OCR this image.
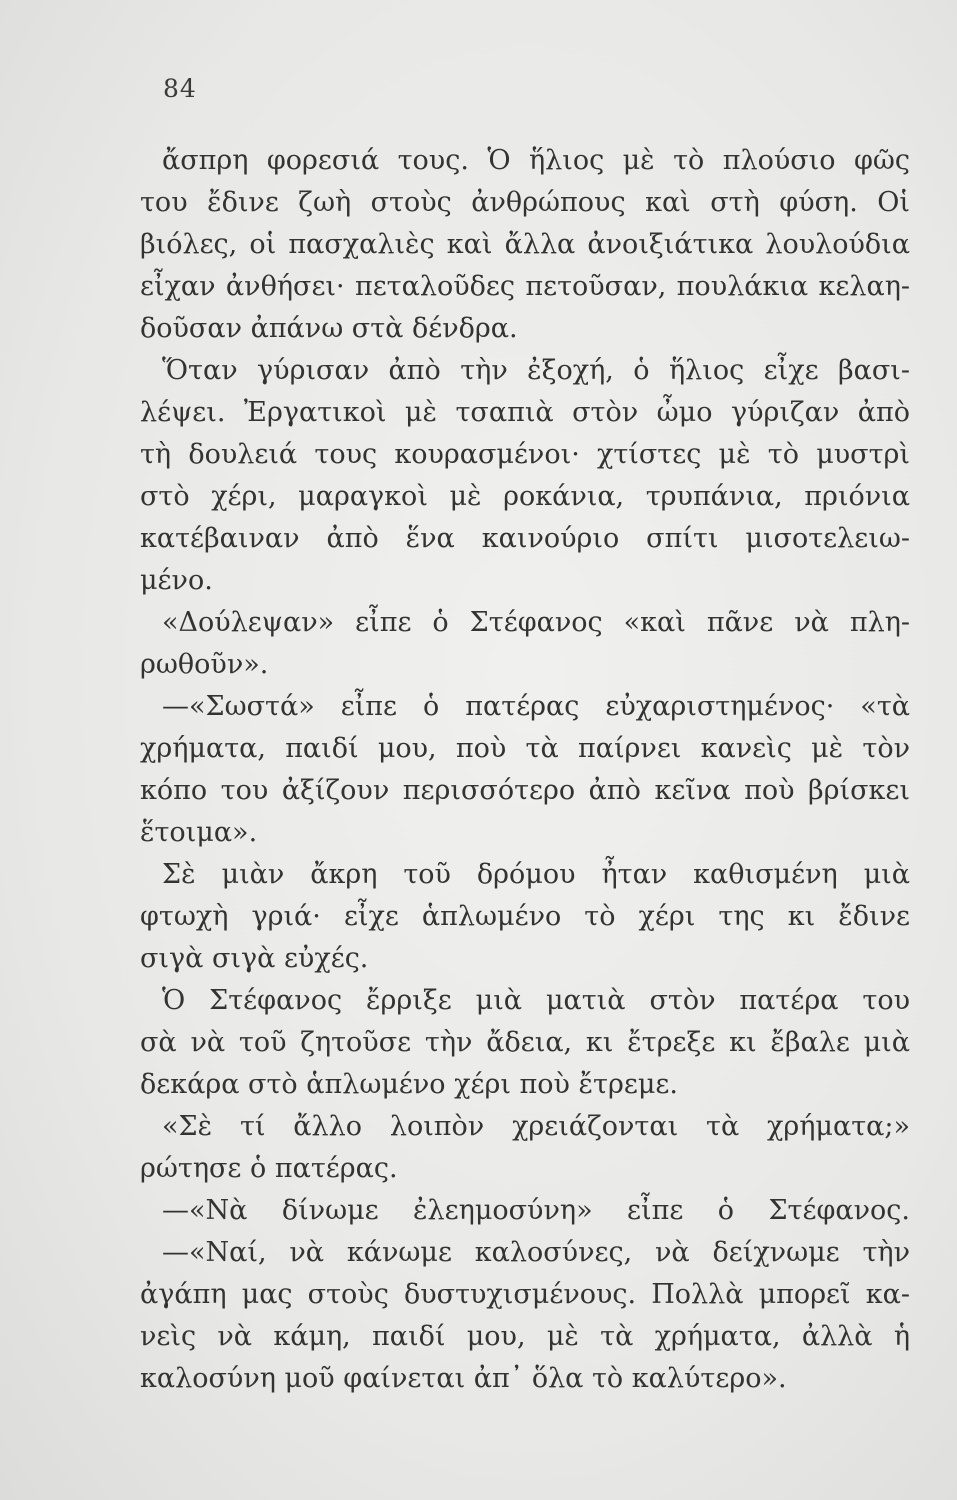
84
ἄσπρη φορεσιά τους. Ὁ ἥλιος μὲ τὸ πλούσιο φῶς
του ἔδινε ζωὴ στοὺς ἀνθρώπους καὶ στὴ φύση. Οἱ
βιόλες, οἱ πασχαλιὲς καὶ ἄλλα ἀνοιξιάτικα λουλούδια
εἶχαν ἀνθήσει· πεταλοῦδες πετοῦσαν, πουλάκια κελαη-
δοῦσαν ἀπάνω στὰ δένδρα.
Ὅταν γύρισαν ἀπὸ τὴν ἐξοχή, ὁ ἥλιος εἶχε βασι-
λέψει. Ἐργατικοὶ μὲ τσαπιὰ στὸν ὦμο γύριζαν ἀπὸ
τὴ δουλειά τους κουρασμένοι· χτίστες μὲ τὸ μυστρὶ
στὸ χέρι, μαραγκοὶ μὲ ροκάνια, τρυπάνια, πριόνια
κατέβαιναν ἀπὸ ἕνα καινούριο σπίτι μισοτελειω-
μένο.
«Δούλεψαν» εἶπε ὁ Στέφανος «καὶ πᾶνε νὰ πλη-
ρωθοῦν».
—«Σωστά» εἶπε ὁ πατέρας εὐχαριστημένος· «τὰ
χρήματα, παιδί μου, ποὺ τὰ παίρνει κανεὶς μὲ τὸν
κόπο του ἀξίζουν περισσότερο ἀπὸ κεῖνα ποὺ βρίσκει
ἕτοιμα».
Σὲ μιὰν ἄκρη τοῦ δρόμου ἦταν καθισμένη μιὰ
φτωχὴ γριά· εἶχε ἁπλωμένο τὸ χέρι της κι ἔδινε
σιγὰ σιγὰ εὐχές.
Ὁ Στέφανος ἔρριξε μιὰ ματιὰ στὸν πατέρα του
σὰ νὰ τοῦ ζητοῦσε τὴν ἄδεια, κι ἔτρεξε κι ἔβαλε μιὰ
δεκάρα στὸ ἁπλωμένο χέρι ποὺ ἔτρεμε.
«Σὲ τί ἄλλο λοιπὸν χρειάζονται τὰ χρήματα;»
ρώτησε ὁ πατέρας.
—«Νὰ δίνωμε ἐλεημοσύνη» εἶπε ὁ Στέφανος.
—«Ναί, νὰ κάνωμε καλοσύνες, νὰ δείχνωμε τὴν
ἀγάπη μας στοὺς δυστυχισμένους. Πολλὰ μπορεῖ κα-
νεὶς νὰ κάμη, παιδί μου, μὲ τὰ χρήματα, ἀλλὰ ἡ
καλοσύνη μοῦ φαίνεται ἀπ᾿ ὅλα τὸ καλύτερο».
